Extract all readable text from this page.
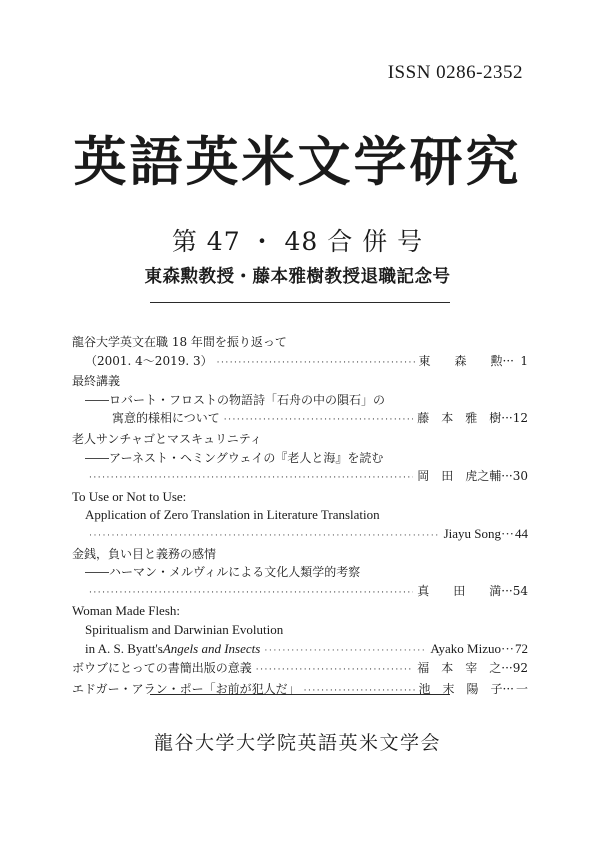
ISSN 0286-2352
英語英米文学研究
第 47 ・ 48 合 併 号
東森勲教授・藤本雅樹教授退職記念号
龍谷大学英文在職 18 年間を振り返って
（2001. 4～2019. 3） ·····	東　　森　　勲 ··· 1
最終講義
――ロバート・フロストの物語詩「石舟の中の隕石」の
寓意的様相について ·····	藤　本　雅　樹 ··· 12
老人サンチャゴとマスキュリニティ
――アーネスト・ヘミングウェイの『老人と海』を読む
·····
岡　田　虎之輔 ··· 30
To Use or Not to Use:
Application of Zero Translation in Literature Translation
·····
Jiayu Song ··· 44
金銭，負い目と義務の感情
――ハーマン・メルヴィルによる文化人類学的考察
·····
真　　田　　満 ··· 54
Woman Made Flesh:
Spiritualism and Darwinian Evolution
in A. S. Byatt's Angels and Insects ·····	Ayako Mizuo ··· 72
ボウブにとっての書簡出版の意義 ·····	福　本　宰　之 ··· 92
エドガー・アラン・ポー「お前が犯人だ」 ·····	池　末　陽　子 ··· 一
龍谷大学大学院英語英米文学会
